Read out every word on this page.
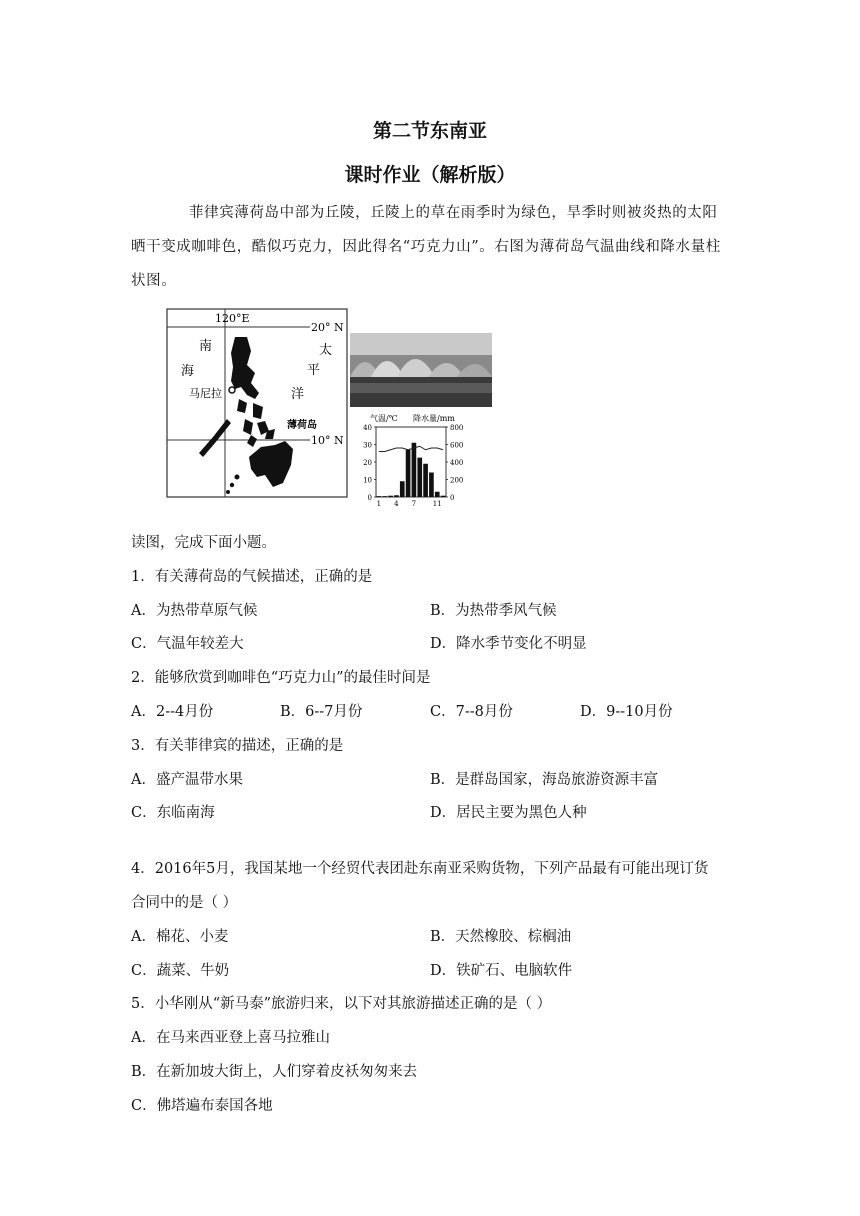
第二节东南亚
课时作业（解析版）
菲律宾薄荷岛中部为丘陵，丘陵上的草在雨季时为绿色，旱季时则被炎热的太阳晒干变成咖啡色，酷似巧克力，因此得名“巧克力山”。右图为薄荷岛气温曲线和降水量柱状图。
120°E
20° N
10° N
南
海
太
平
洋
马尼拉
薄荷岛
气温/℃ 降水量/mm
40
30
20
10
0
800
600
400
200
0
1 4 7 11
读图，完成下面小题。
1．有关薄荷岛的气候描述，正确的是
A．为热带草原气候	B．为热带季风气候
C．气温年较差大	D．降水季节变化不明显
2．能够欣赏到咖啡色“巧克力山”的最佳时间是
A．2--4月份	B．6--7月份	C．7--8月份	D．9--10月份
3．有关菲律宾的描述，正确的是
A．盛产温带水果	B．是群岛国家，海岛旅游资源丰富
C．东临南海	D．居民主要为黑色人种
4．2016年5月，我国某地一个经贸代表团赴东南亚采购货物，下列产品最有可能出现订货
合同中的是（ ）
A．棉花、小麦	B．天然橡胶、棕榈油
C．蔬菜、牛奶	D．铁矿石、电脑软件
5．小华刚从“新马泰”旅游归来，以下对其旅游描述正确的是（ ）
A．在马来西亚登上喜马拉雅山
B．在新加坡大街上，人们穿着皮袄匆匆来去
C．佛塔遍布泰国各地
